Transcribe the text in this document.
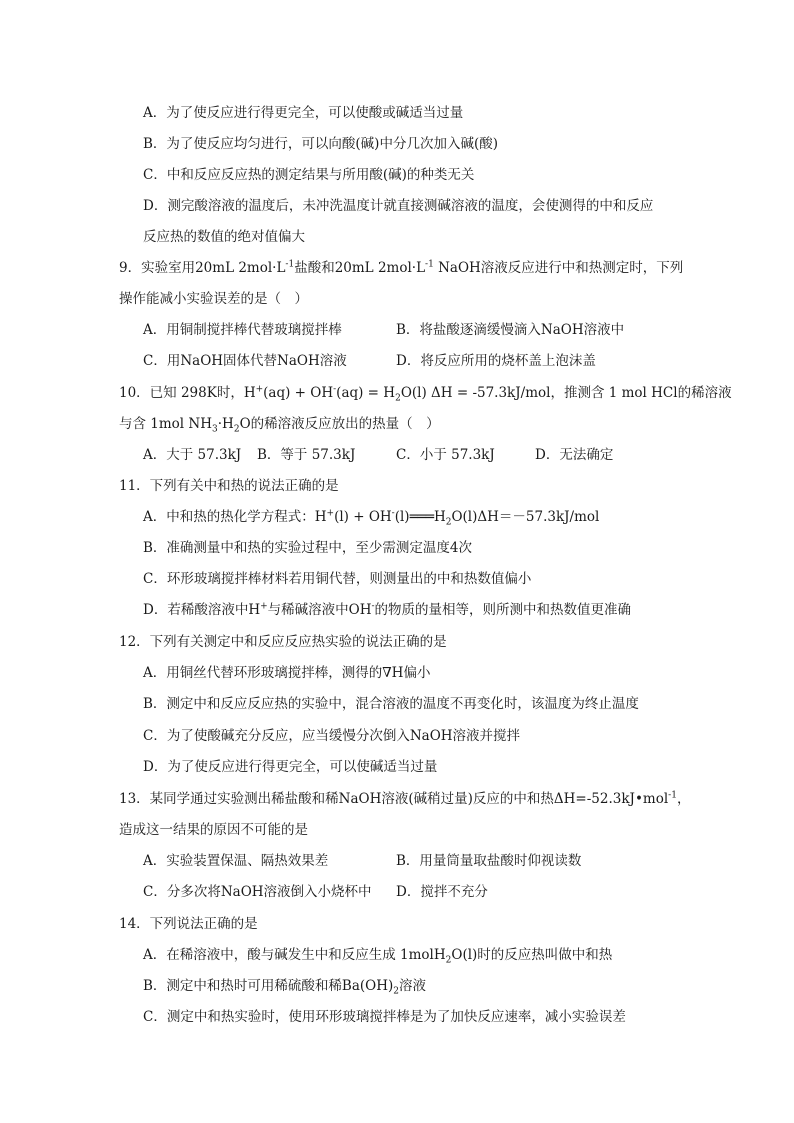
A．为了使反应进行得更完全，可以使酸或碱适当过量
B．为了使反应均匀进行，可以向酸(碱)中分几次加入碱(酸)
C．中和反应反应热的测定结果与所用酸(碱)的种类无关
D．测完酸溶液的温度后，未冲洗温度计就直接测碱溶液的温度，会使测得的中和反应
反应热的数值的绝对值偏大
9．实验室用20mL $2mol\cdot L^{-1}$盐酸和20mL $2mol\cdot L^{-1}$ NaOH溶液反应进行中和热测定时，下列
操作能减小实验误差的是（　）
A．用铜制搅拌棒代替玻璃搅拌棒	B．将盐酸逐滴缓慢滴入NaOH溶液中
C．用NaOH固体代替NaOH溶液	D．将反应所用的烧杯盖上泡沫盖
10．已知 298K时，$H^+(aq) + OH^-(aq) = H_2O(l) \Delta H = -57.3kJ/mol$，推测含 1 mol HCl的稀溶液
与含 1mol $NH_3\cdot H_2O$的稀溶液反应放出的热量（　）
A．大于 57.3kJ B．等于 57.3kJ	C．小于 57.3kJ	D．无法确定
11．下列有关中和热的说法正确的是
A．中和热的热化学方程式：$H^+(l) + OH^-(l)═══H_2O(l)\Delta H=-57.3kJ$/mol
B．准确测量中和热的实验过程中，至少需测定温度4次
C．环形玻璃搅拌棒材料若用铜代替，则测量出的中和热数值偏小
D．若稀酸溶液中H+与稀碱溶液中OH-的物质的量相等，则所测中和热数值更准确
12．下列有关测定中和反应反应热实验的说法正确的是
A．用铜丝代替环形玻璃搅拌棒，测得的∇H偏小
B．测定中和反应反应热的实验中，混合溶液的温度不再变化时，该温度为终止温度
C．为了使酸碱充分反应，应当缓慢分次倒入NaOH溶液并搅拌
D．为了使反应进行得更完全，可以使碱适当过量
13．某同学通过实验测出稀盐酸和稀NaOH溶液(碱稍过量)反应的中和热ΔH=-52.3kJ•mol$^{-1}$，
造成这一结果的原因不可能的是
A．实验装置保温、隔热效果差	B．用量筒量取盐酸时仰视读数
C．分多次将NaOH溶液倒入小烧杯中 D．搅拌不充分
14．下列说法正确的是
A．在稀溶液中，酸与碱发生中和反应生成 1molH$_2$O(l)时的反应热叫做中和热
B．测定中和热时可用稀硫酸和稀$Ba(OH)_2$溶液
C．测定中和热实验时，使用环形玻璃搅拌棒是为了加快反应速率，减小实验误差
